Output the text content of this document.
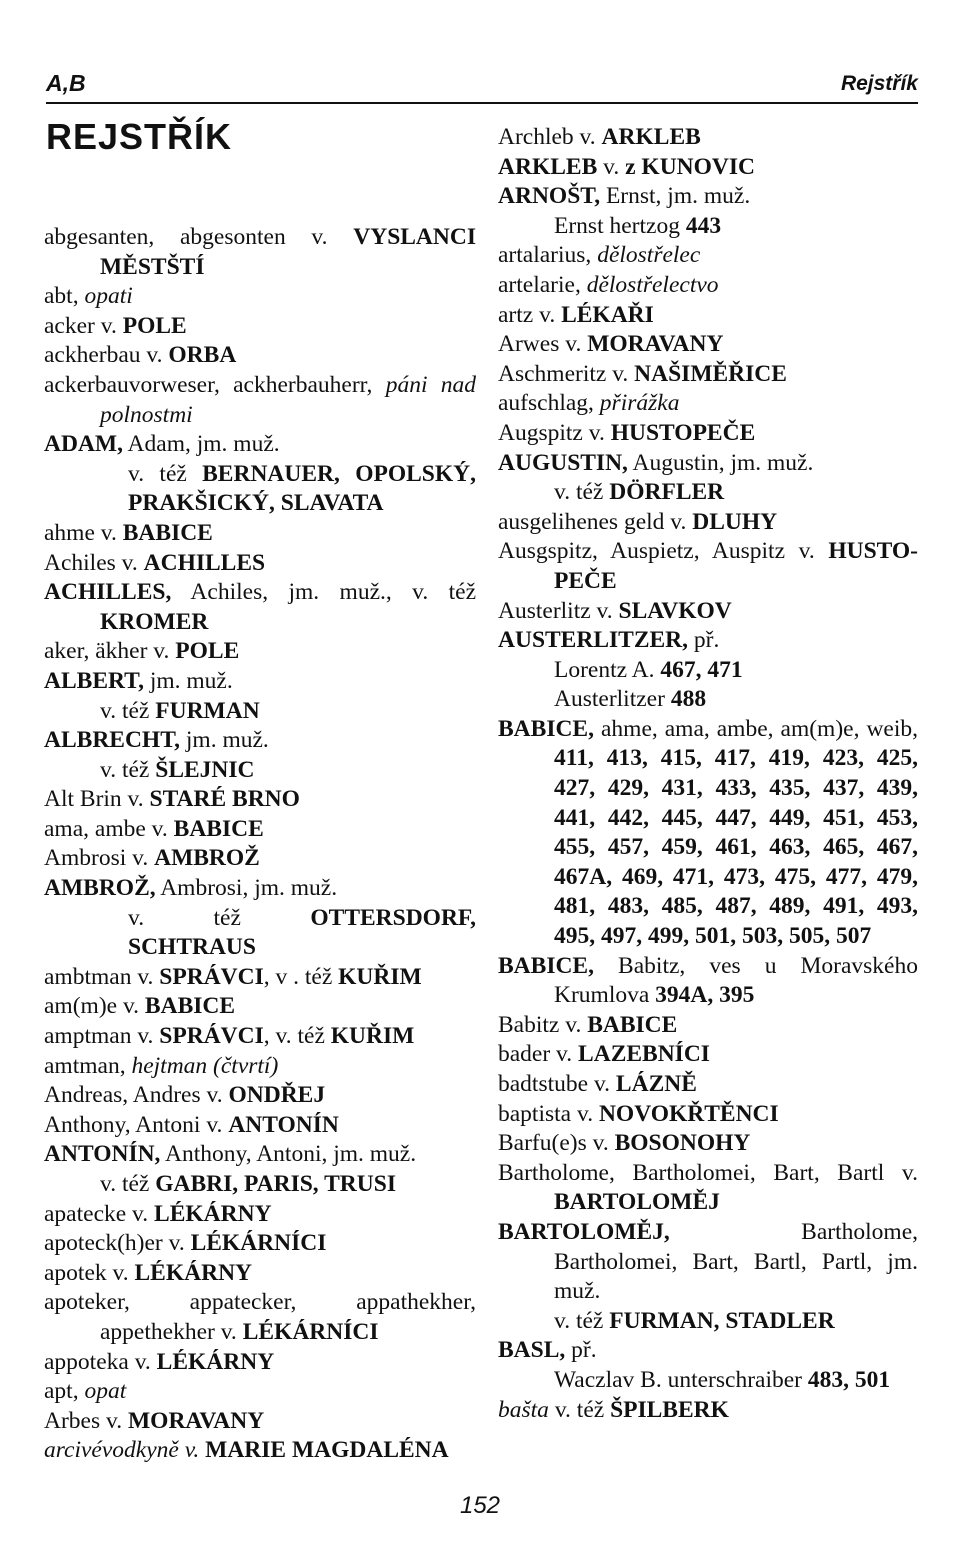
A,B	Rejstřík
REJSTŘÍK

abgesanten, abgesonten v. VYSLANCI MĚSTŠTÍ

abt, opati

acker v. POLE

ackherbau v. ORBA

ackerbauvorweser, ackherbauherr, páni nad polnostmi

ADAM, Adam, jm. muž.

v. též BERNAUER, OPOLSKÝ, PRAKŠICKÝ, SLAVATA

ahme v. BABICE

Achiles v. ACHILLES

ACHILLES, Achiles, jm. muž., v. též KROMER

aker, äkher v. POLE

ALBERT, jm. muž.

v. též FURMAN

ALBRECHT, jm. muž.

v. též ŠLEJNIC

Alt Brin v. STARÉ BRNO

ama, ambe v. BABICE

Ambrosi v. AMBROŽ

AMBROŽ, Ambrosi, jm. muž.

v. též OTTERSDORF, SCHTRAUS

ambtman v. SPRÁVCI, v . též KUŘIM

am(m)e v. BABICE

amptman v. SPRÁVCI, v. též KUŘIM

amtman, hejtman (čtvrtí)

Andreas, Andres v. ONDŘEJ

Anthony, Antoni v. ANTONÍN

ANTONÍN, Anthony, Antoni, jm. muž.

v. též GABRI, PARIS, TRUSI

apatecke v. LÉKÁRNY

apoteck(h)er v. LÉKÁRNÍCI

apotek v. LÉKÁRNY

apoteker, appatecker, appathekher, appethekher v. LÉKÁRNÍCI

appoteka v. LÉKÁRNY

apt, opat

Arbes v. MORAVANY

arcivévodkyně v. MARIE MAGDALÉNA

Archleb v. ARKLEB

ARKLEB v. z KUNOVIC

ARNOŠT, Ernst, jm. muž.

Ernst hertzog 443

artalarius, dělostřelec

artelarie, dělostřelectvo

artz v. LÉKAŘI

Arwes v. MORAVANY

Aschmeritz v. NAŠIMĚŘICE

aufschlag, přirážka

Augspitz v. HUSTOPEČE

AUGUSTIN, Augustin, jm. muž.

v. též DÖRFLER

ausgelihenes geld v. DLUHY

Ausgspitz, Auspietz, Auspitz v. HUSTO-PEČE

Austerlitz v. SLAVKOV

AUSTERLITZER, př.

Lorentz A. 467, 471

Austerlitzer 488

BABICE, ahme, ama, ambe, am(m)e, weib, 411, 413, 415, 417, 419, 423, 425, 427, 429, 431, 433, 435, 437, 439, 441, 442, 445, 447, 449, 451, 453, 455, 457, 459, 461, 463, 465, 467, 467A, 469, 471, 473, 475, 477, 479, 481, 483, 485, 487, 489, 491, 493, 495, 497, 499, 501, 503, 505, 507

BABICE, Babitz, ves u Moravského Krumlova 394A, 395

Babitz v. BABICE

bader v. LAZEBNÍCI

badtstube v. LÁZNĚ

baptista v. NOVOKŘTĚNCI

Barfu(e)s v. BOSONOHY

Bartholome, Bartholomei, Bart, Bartl v. BARTOLOMĚJ

BARTOLOMĚJ, Bartholome, Bartholomei, Bart, Bartl, Partl, jm. muž.

v. též FURMAN, STADLER

BASL, př.

Waczlav B. unterschraiber 483, 501

bašta v. též ŠPILBERK

152
